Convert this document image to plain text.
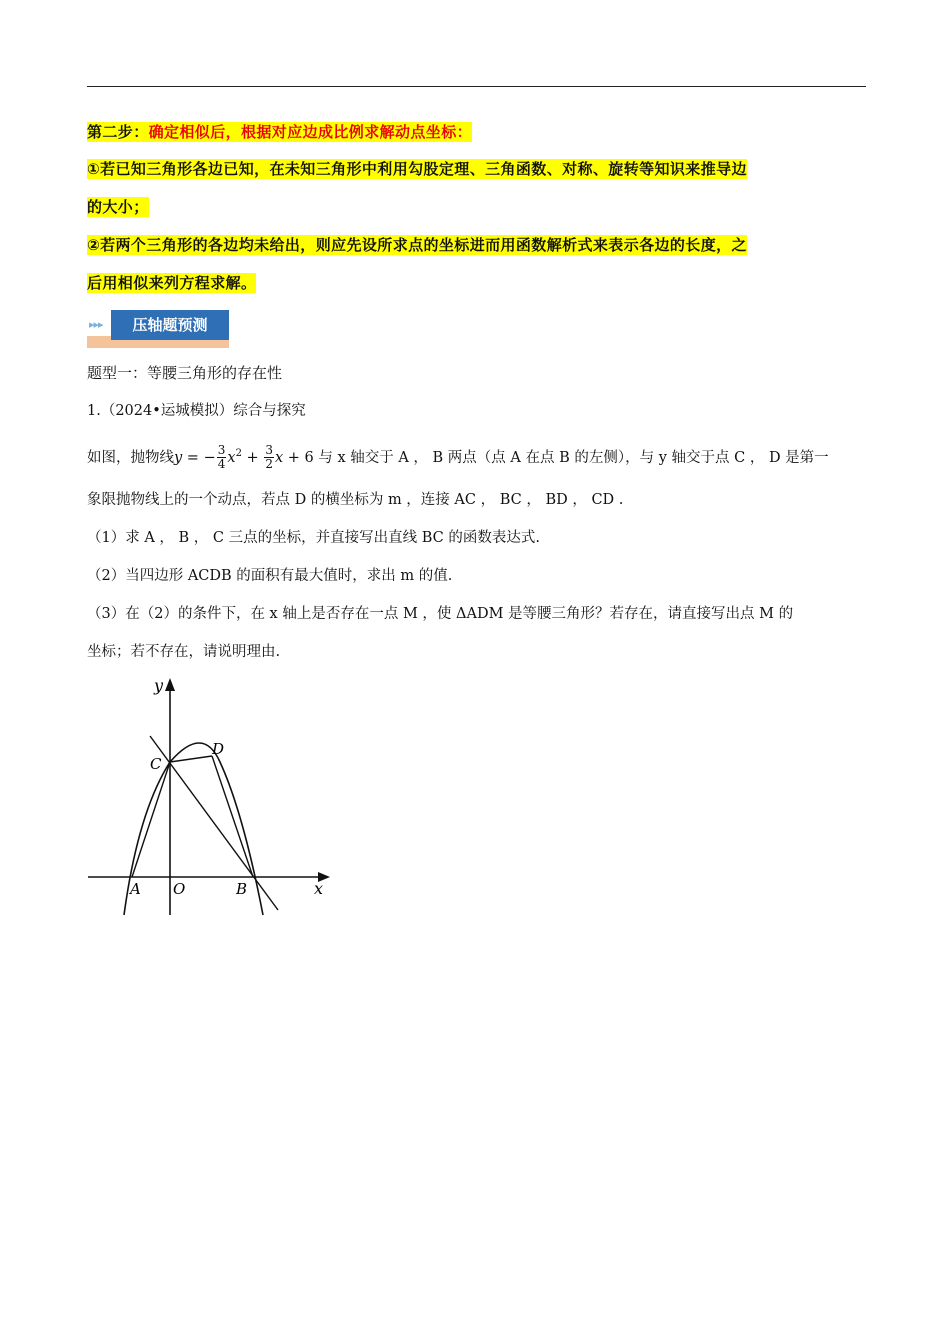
第二步：确定相似后，根据对应边成比例求解动点坐标：
①若已知三角形各边已知，在未知三角形中利用勾股定理、三角函数、对称、旋转等知识来推导边
的大小；
②若两个三角形的各边均未给出，则应先设所求点的坐标进而用函数解析式来表示各边的长度，之
后用相似来列方程求解。
▸▸▸	压轴题预测
题型一：等腰三角形的存在性
1.（2024•运城模拟）综合与探究
如图，抛物线y = − $\frac{3}{4} x^2 + \frac{3}{2}$ x + 6 与 x 轴交于 A ， B 两点（点 A 在点 B 的左侧），与 y 轴交于点 C ， D 是第一
象限抛物线上的一个动点，若点 D 的横坐标为 m ，连接 AC ， BC ， BD ， CD .
（1）求 A ， B ， C 三点的坐标，并直接写出直线 BC 的函数表达式.
（2）当四边形 ACDB 的面积有最大值时，求出 m 的值.
（3）在（2）的条件下，在 x 轴上是否存在一点 M ，使 ΔADM 是等腰三角形？若存在，请直接写出点 M 的
坐标；若不存在，请说明理由.
y
x
A O	B
C
D
